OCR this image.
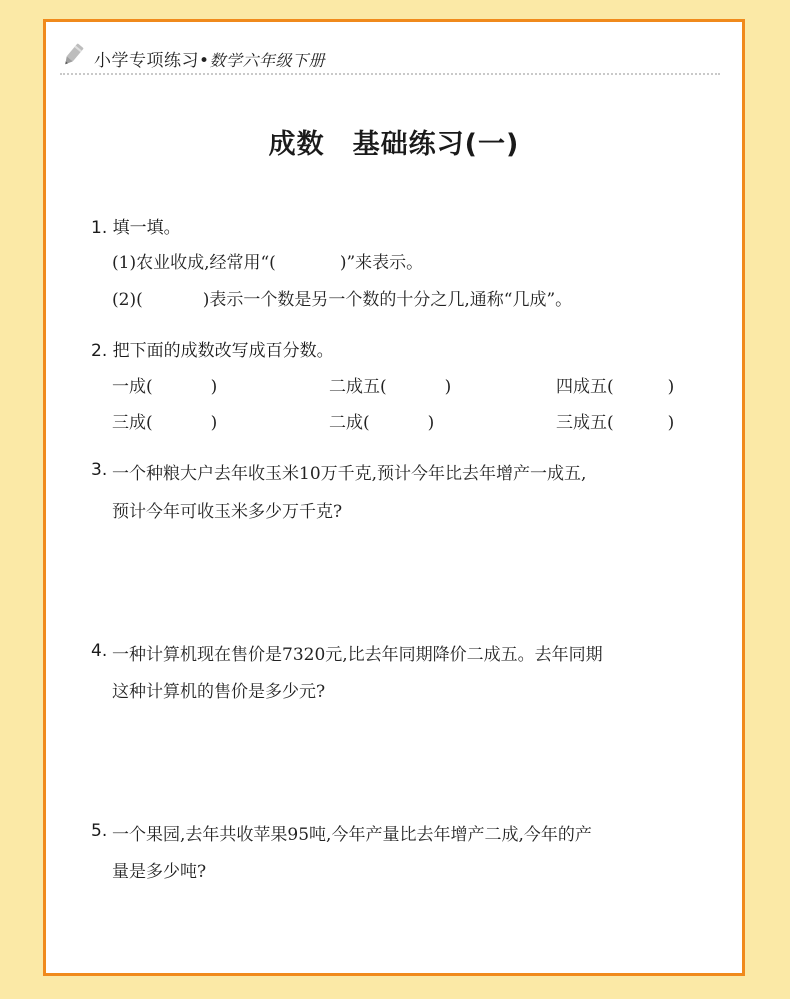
小学专项练习•数学六年级下册
成数　基础练习(一)
1. 填一填。
(1)农业收成,经常用“(	)”来表示。
(2)(	)表示一个数是另一个数的十分之几,通称“几成”。
2. 把下面的成数改写成百分数。
一成(	)	二成五(	)	四成五(	)
三成(	)	二成(	)	三成五(	)
3. 一个种粮大户去年收玉米10万千克,预计今年比去年增产一成五,
预计今年可收玉米多少万千克?
4. 一种计算机现在售价是7320元,比去年同期降价二成五。去年同期
这种计算机的售价是多少元?
5. 一个果园,去年共收苹果95吨,今年产量比去年增产二成,今年的产
量是多少吨?
